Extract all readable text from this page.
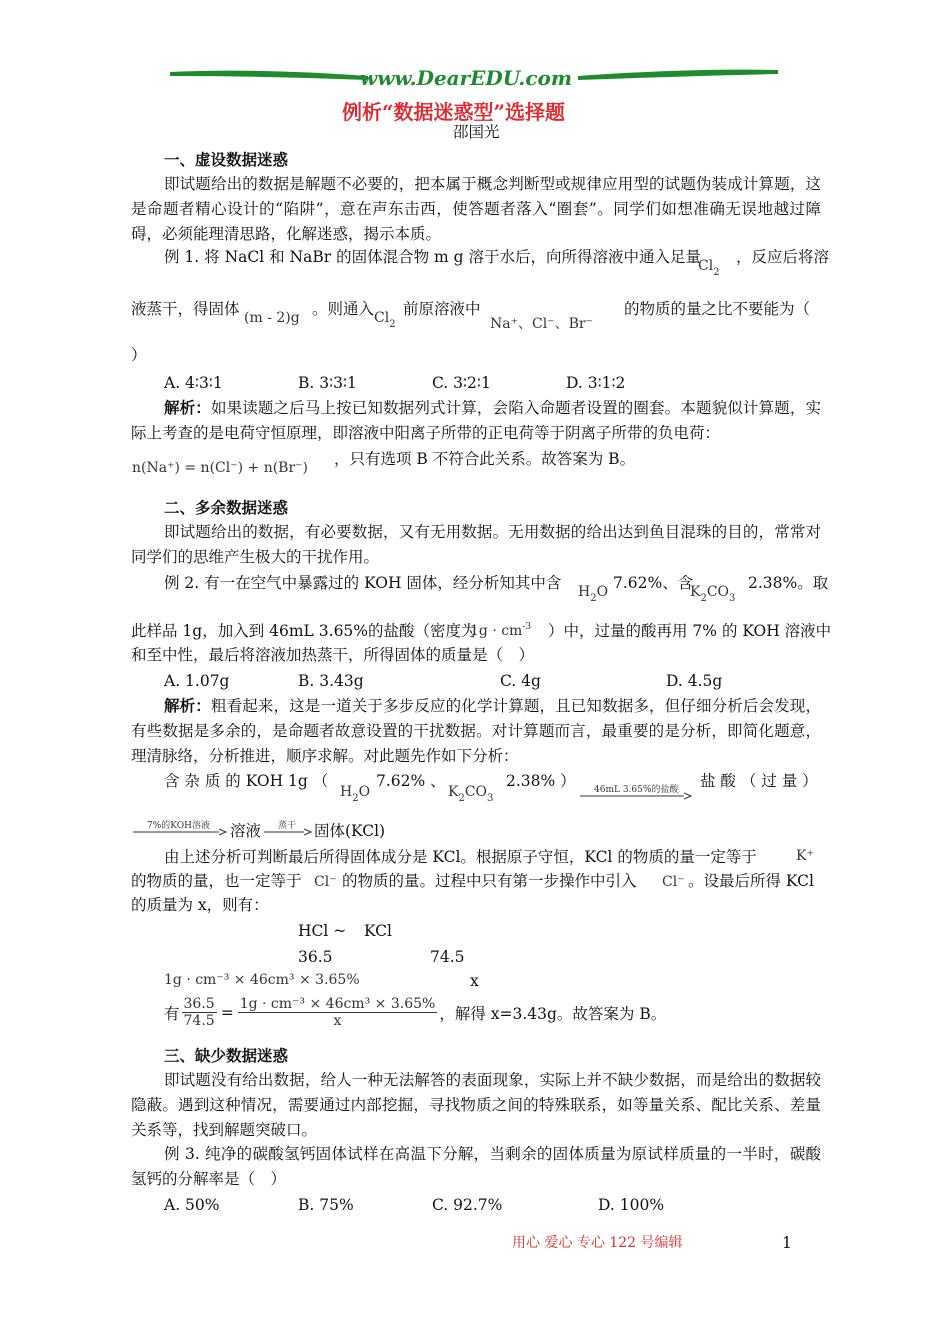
www.DearEDU.com
例析“数据迷惑型”选择题
邵国光
一、虚设数据迷惑
即试题给出的数据是解题不必要的，把本属于概念判断型或规律应用型的试题伪装成计算题，这是命题者精心设计的“陷阱”，意在声东击西，使答题者落入“圈套”。同学们如想准确无误地越过障碍，必须能理清思路，化解迷惑，揭示本质。
例 1. 将 NaCl 和 NaBr 的固体混合物 m g 溶于水后，向所得溶液中通入足量
$Cl_2$
，反应后将溶
液蒸干，得固体 (m - 2)g 。则通入 $Cl_2$
前原溶液中
Na⁺、Cl⁻、Br⁻
的物质的量之比不要能为（
）
A. 4∶3∶1	B. 3∶3∶1	C. 3∶2∶1	D. 3∶1∶2
解析：如果读题之后马上按已知数据列式计算，会陷入命题者设置的圈套。本题貌似计算题，实际上考查的是电荷守恒原理，即溶液中阳离子所带的正电荷等于阴离子所带的负电荷：
n(Na⁺) = n(Cl⁻) + n(Br⁻) ，只有选项 B 不符合此关系。故答案为 B。
二、多余数据迷惑
即试题给出的数据，有必要数据，又有无用数据。无用数据的给出达到鱼目混珠的目的，常常对同学们的思维产生极大的干扰作用。
例 2. 有一在空气中暴露过的 KOH 固体，经分析知其中含 $H_2O$ 7.62%、含
$K_2CO_3$
2.38%。取
此样品 1g，加入到 46mL 3.65%的盐酸（密度为
$1g \cdot cm^{-3}$ ）中，过量的酸再用 7% 的 KOH 溶液中
和至中性，最后将溶液加热蒸干，所得固体的质量是（　）
A. 1.07g	B. 3.43g	C. 4g	D. 4.5g
解析：粗看起来，这是一道关于多步反应的化学计算题，且已知数据多，但仔细分析后会发现，有些数据是多余的，是命题者故意设置的干扰数据。对计算题而言，最重要的是分析，即简化题意，理清脉络，分析推进，顺序求解。对此题先作如下分析：
含 杂 质 的 KOH 1g （
$H_2O$
7.62% 、
$K_2CO_3$
2.38% ） 46mL 3.65%的盐酸 盐 酸 （ 过 量 ）
7%的KOH溶液 溶液 蒸干 固体(KCl)
由上述分析可判断最后所得固体成分是 KCl。根据原子守恒，KCl 的物质的量一定等于	K⁺
的物质的量，也一定等于 Cl⁻ 的物质的量。过程中只有第一步操作中引入 Cl⁻ 。设最后所得 KCl
的质量为 x，则有：
HCl ~ KCl
36.5	74.5
1g · cm⁻³ × 46cm³ × 3.65%	x
有 $\frac{36.5}{74.5} = \frac{\text{1g · cm⁻³ × 46cm³ × 3.65\%}}{x}$ ，解得 x=3.43g。故答案为 B。
三、缺少数据迷惑
即试题没有给出数据，给人一种无法解答的表面现象，实际上并不缺少数据，而是给出的数据较隐蔽。遇到这种情况，需要通过内部挖掘，寻找物质之间的特殊联系，如等量关系、配比关系、差量关系等，找到解题突破口。
例 3. 纯净的碳酸氢钙固体试样在高温下分解，当剩余的固体质量为原试样质量的一半时，碳酸氢钙的分解率是（　）
A. 50%	B. 75%	C. 92.7%	D. 100%
用心 爱心 专心 122 号编辑	1
